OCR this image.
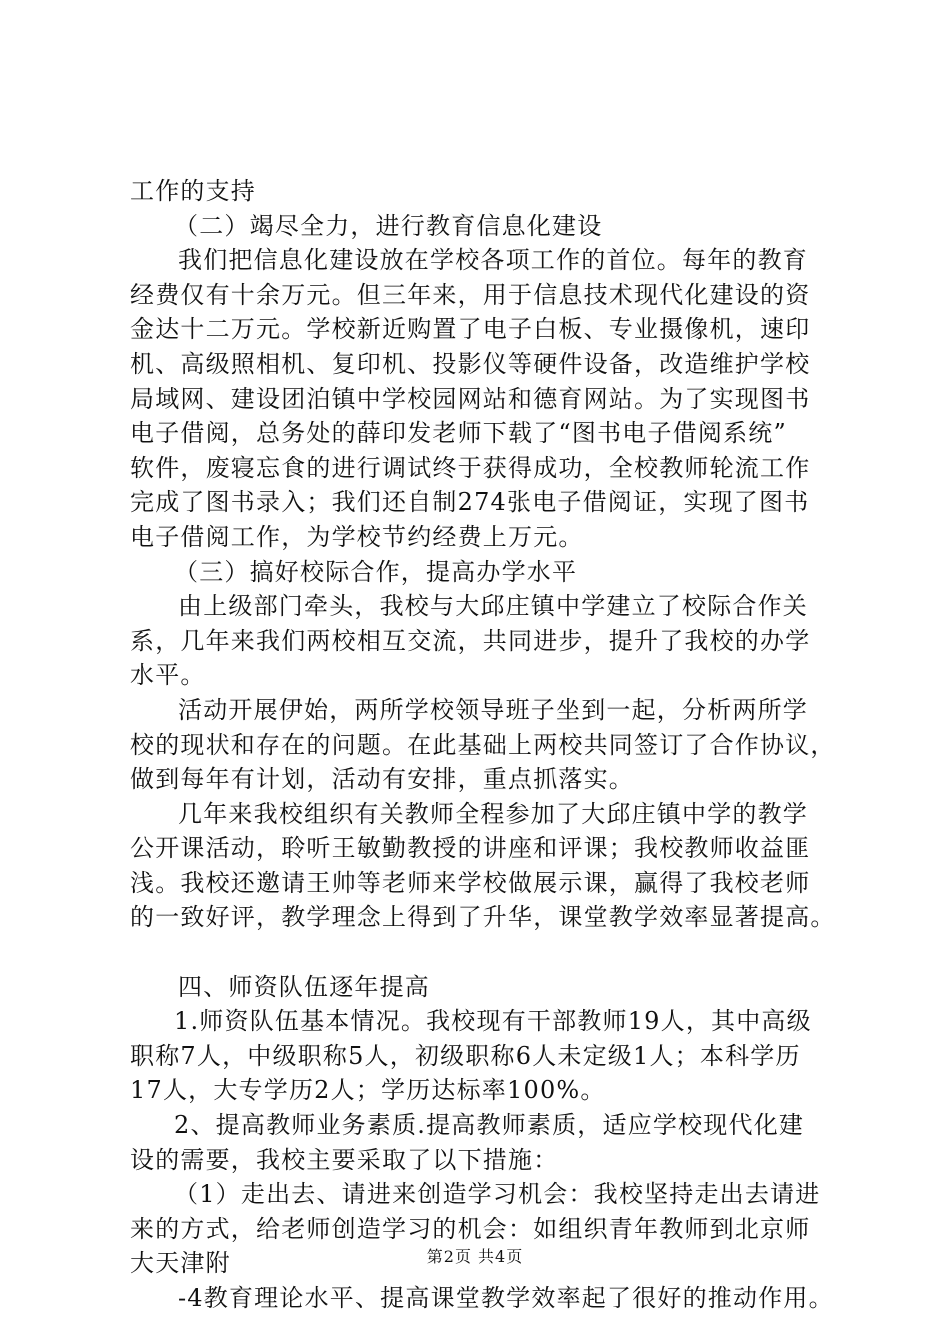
工作的支持
（二）竭尽全力，进行教育信息化建设
我们把信息化建设放在学校各项工作的首位。每年的教育
经费仅有十余万元。但三年来，用于信息技术现代化建设的资
金达十二万元。学校新近购置了电子白板、专业摄像机，速印
机、高级照相机、复印机、投影仪等硬件设备，改造维护学校
局域网、建设团泊镇中学校园网站和德育网站。为了实现图书
电子借阅，总务处的薛印发老师下载了“图书电子借阅系统”
软件，废寝忘食的进行调试终于获得成功，全校教师轮流工作
完成了图书录入；我们还自制274张电子借阅证，实现了图书
电子借阅工作，为学校节约经费上万元。
（三）搞好校际合作，提高办学水平
由上级部门牵头，我校与大邱庄镇中学建立了校际合作关
系，几年来我们两校相互交流，共同进步，提升了我校的办学
水平。
活动开展伊始，两所学校领导班子坐到一起，分析两所学
校的现状和存在的问题。在此基础上两校共同签订了合作协议，
做到每年有计划，活动有安排，重点抓落实。
几年来我校组织有关教师全程参加了大邱庄镇中学的教学
公开课活动，聆听王敏勤教授的讲座和评课；我校教师收益匪
浅。我校还邀请王帅等老师来学校做展示课，赢得了我校老师
的一致好评，教学理念上得到了升华，课堂教学效率显著提高。
四、师资队伍逐年提高
1.师资队伍基本情况。我校现有干部教师19人，其中高级
职称7人，中级职称5人，初级职称6人未定级1人；本科学历
17人，大专学历2人；学历达标率100%。
2、提高教师业务素质.提高教师素质，适应学校现代化建
设的需要，我校主要采取了以下措施：
（1）走出去、请进来创造学习机会：我校坚持走出去请进
来的方式，给老师创造学习的机会：如组织青年教师到北京师
大天津附
-4教育理论水平、提高课堂教学效率起了很好的推动作用。
第2页 共4页
